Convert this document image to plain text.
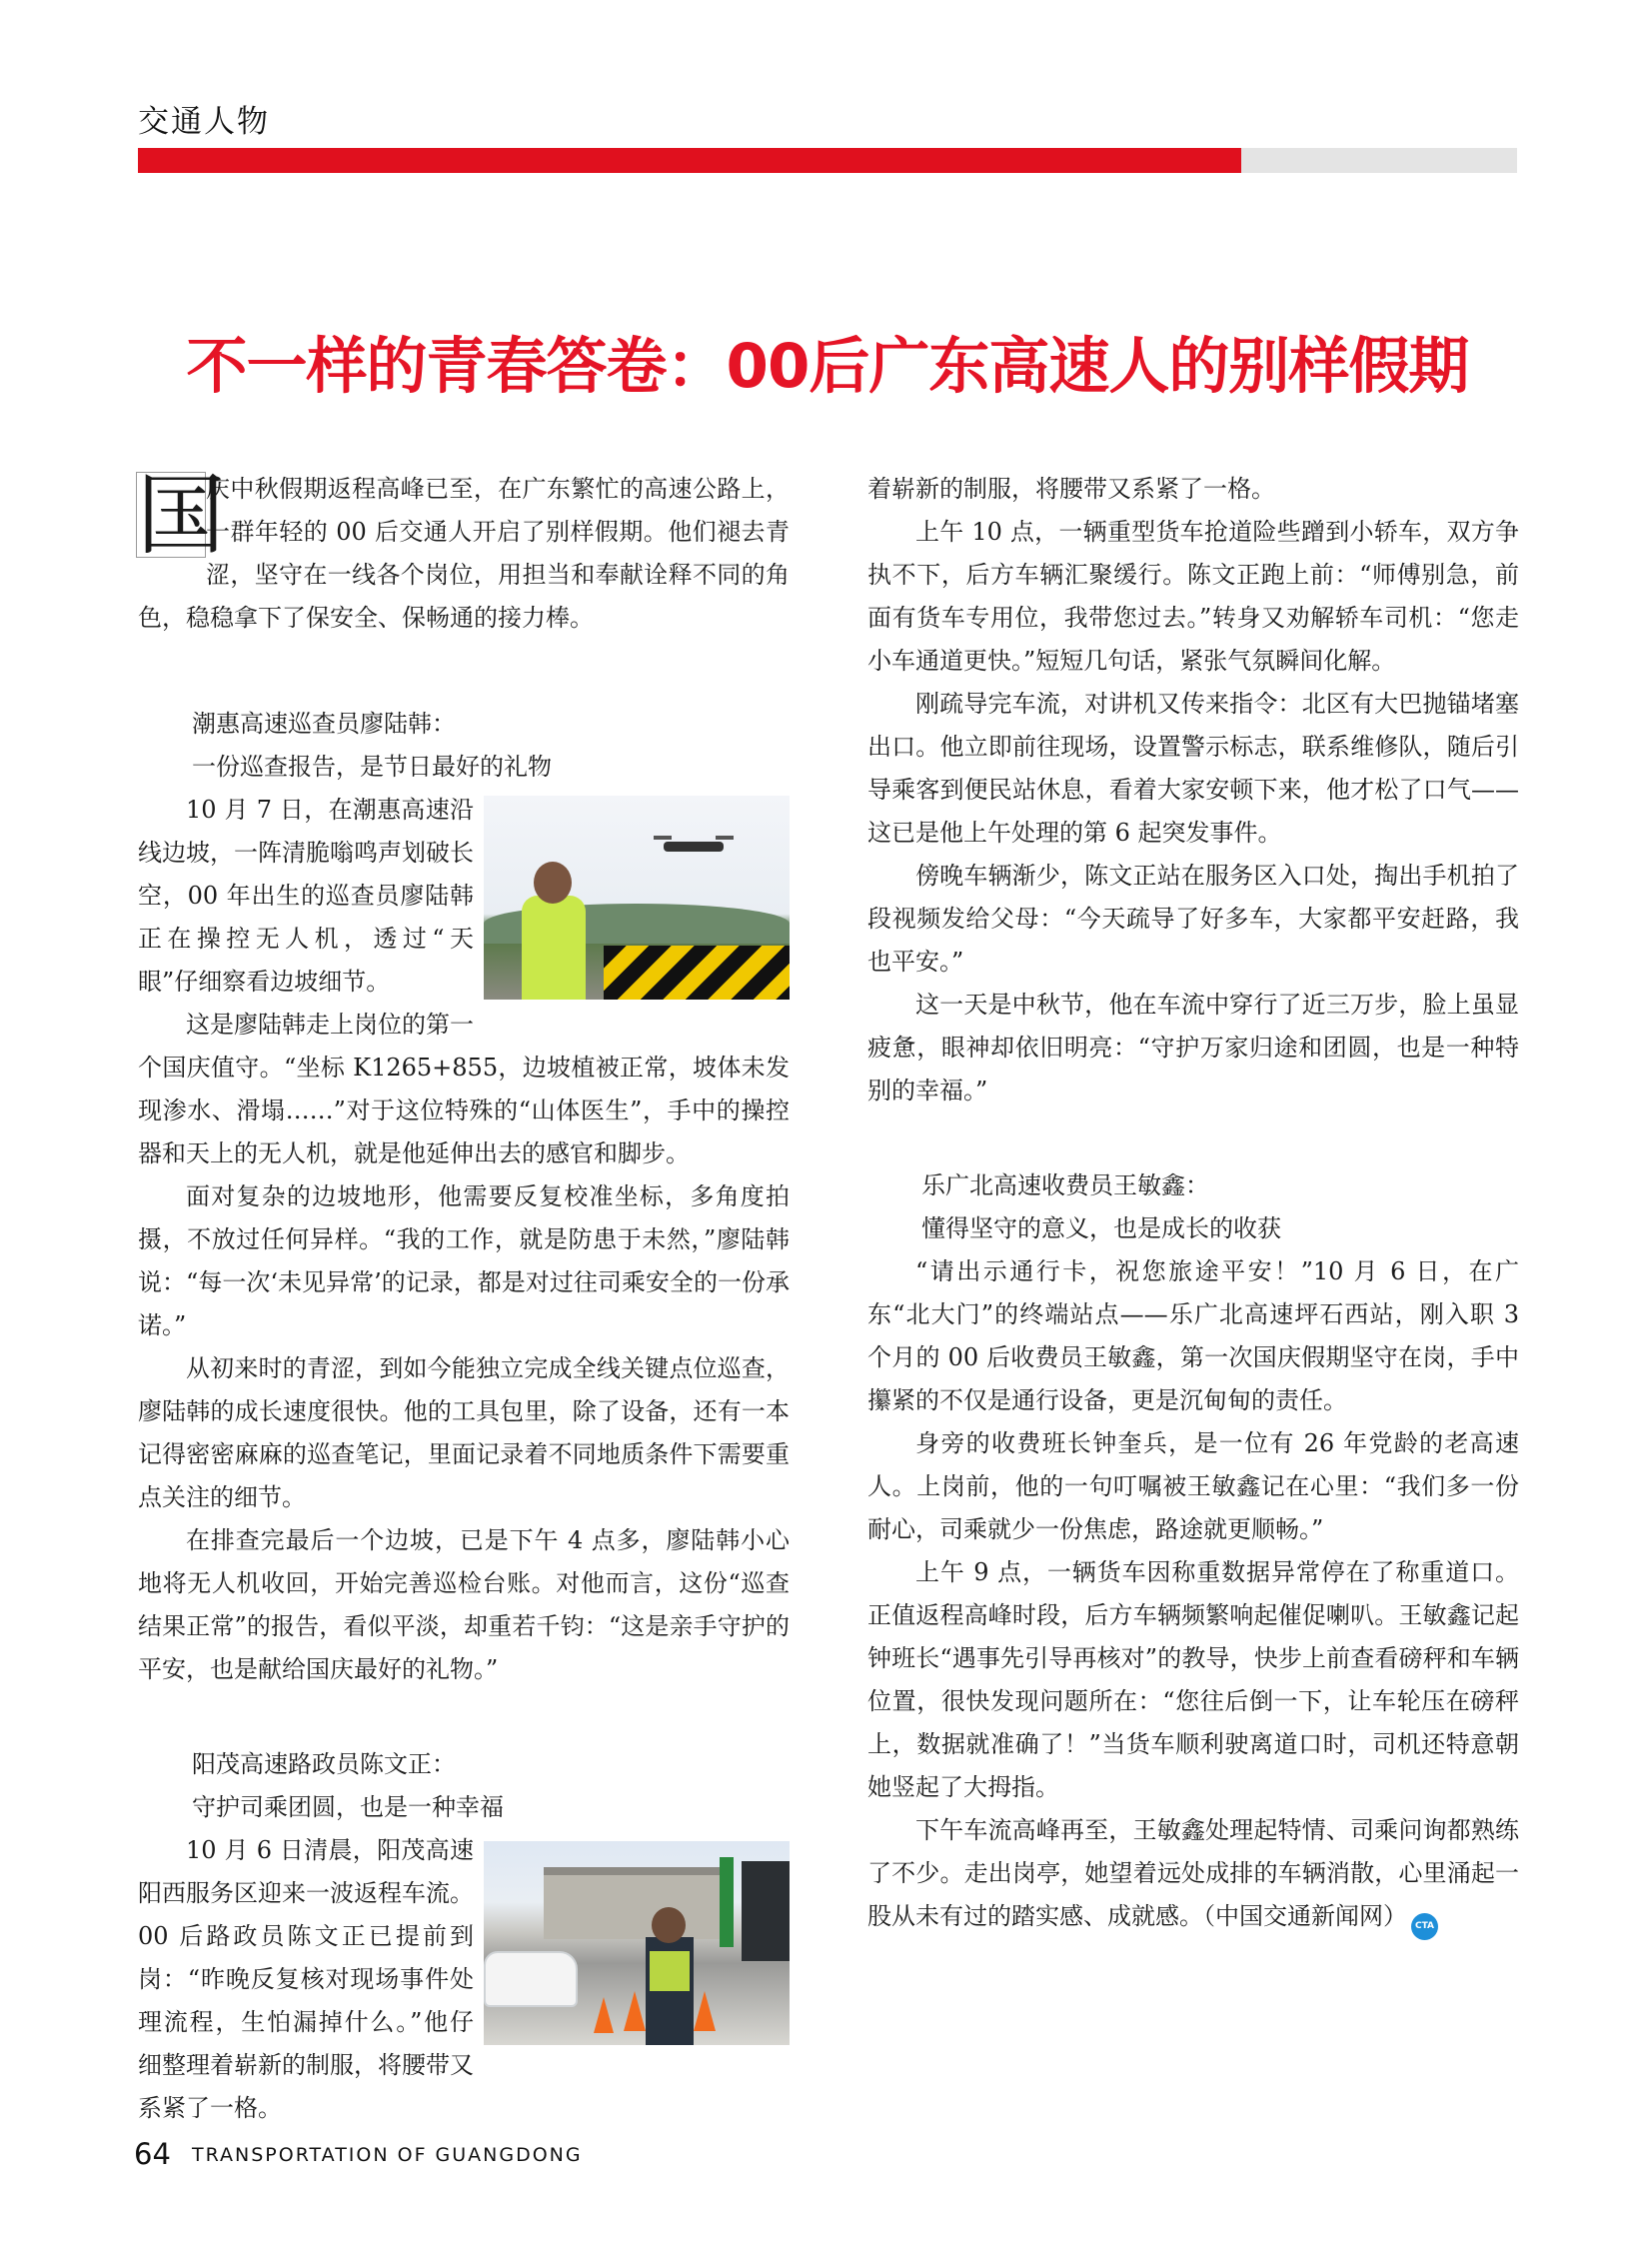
交通人物
不一样的青春答卷：00后广东高速人的别样假期

国
庆中秋假期返程高峰已至，在广东繁忙的高速公路上，一群年轻的 00 后交通人开启了别样假期。他们褪去青涩，坚守在一线各个岗位，用担当和奉献诠释不同的角色，稳稳拿下了保安全、保畅通的接力棒。

潮惠高速巡查员廖陆韩：
一份巡查报告，是节日最好的礼物

10 月 7 日，在潮惠高速沿线边坡，一阵清脆嗡鸣声划破长空，00 年出生的巡查员廖陆韩正在操控无人机，透过“天眼”仔细察看边坡细节。

这是廖陆韩走上岗位的第一个国庆值守。“坐标 K1265+855，边坡植被正常，坡体未发现渗水、滑塌……”对于这位特殊的“山体医生”，手中的操控器和天上的无人机，就是他延伸出去的感官和脚步。

面对复杂的边坡地形，他需要反复校准坐标，多角度拍摄，不放过任何异样。“我的工作，就是防患于未然，”廖陆韩说：“每一次‘未见异常’的记录，都是对过往司乘安全的一份承诺。”

从初来时的青涩，到如今能独立完成全线关键点位巡查，廖陆韩的成长速度很快。他的工具包里，除了设备，还有一本记得密密麻麻的巡查笔记，里面记录着不同地质条件下需要重点关注的细节。

在排查完最后一个边坡，已是下午 4 点多，廖陆韩小心地将无人机收回，开始完善巡检台账。对他而言，这份“巡查结果正常”的报告，看似平淡，却重若千钧：“这是亲手守护的平安，也是献给国庆最好的礼物。”

阳茂高速路政员陈文正：
守护司乘团圆，也是一种幸福

10 月 6 日清晨，阳茂高速阳西服务区迎来一波返程车流。00 后路政员陈文正已提前到岗：“昨晚反复核对现场事件处理流程，生怕漏掉什么。”他仔细整理着崭新的制服，将腰带又系紧了一格。

着崭新的制服，将腰带又系紧了一格。

上午 10 点，一辆重型货车抢道险些蹭到小轿车，双方争执不下，后方车辆汇聚缓行。陈文正跑上前：“师傅别急，前面有货车专用位，我带您过去。”转身又劝解轿车司机：“您走小车通道更快。”短短几句话，紧张气氛瞬间化解。

刚疏导完车流，对讲机又传来指令：北区有大巴抛锚堵塞出口。他立即前往现场，设置警示标志，联系维修队，随后引导乘客到便民站休息，看着大家安顿下来，他才松了口气——这已是他上午处理的第 6 起突发事件。

傍晚车辆渐少，陈文正站在服务区入口处，掏出手机拍了段视频发给父母：“今天疏导了好多车，大家都平安赶路，我也平安。”

这一天是中秋节，他在车流中穿行了近三万步，脸上虽显疲惫，眼神却依旧明亮：“守护万家归途和团圆，也是一种特别的幸福。”

乐广北高速收费员王敏鑫：
懂得坚守的意义，也是成长的收获

“请出示通行卡，祝您旅途平安！”10 月 6 日，在广东“北大门”的终端站点——乐广北高速坪石西站，刚入职 3 个月的 00 后收费员王敏鑫，第一次国庆假期坚守在岗，手中攥紧的不仅是通行设备，更是沉甸甸的责任。

身旁的收费班长钟奎兵，是一位有 26 年党龄的老高速人。上岗前，他的一句叮嘱被王敏鑫记在心里：“我们多一份耐心，司乘就少一份焦虑，路途就更顺畅。”

上午 9 点，一辆货车因称重数据异常停在了称重道口。正值返程高峰时段，后方车辆频繁响起催促喇叭。王敏鑫记起钟班长“遇事先引导再核对”的教导，快步上前查看磅秤和车辆位置，很快发现问题所在：“您往后倒一下，让车轮压在磅秤上，数据就准确了！”当货车顺利驶离道口时，司机还特意朝她竖起了大拇指。

下午车流高峰再至，王敏鑫处理起特情、司乘问询都熟练了不少。走出岗亭，她望着远处成排的车辆消散，心里涌起一股从未有过的踏实感、成就感。（中国交通新闻网） CTA

64 TRANSPORTATION OF GUANGDONG
